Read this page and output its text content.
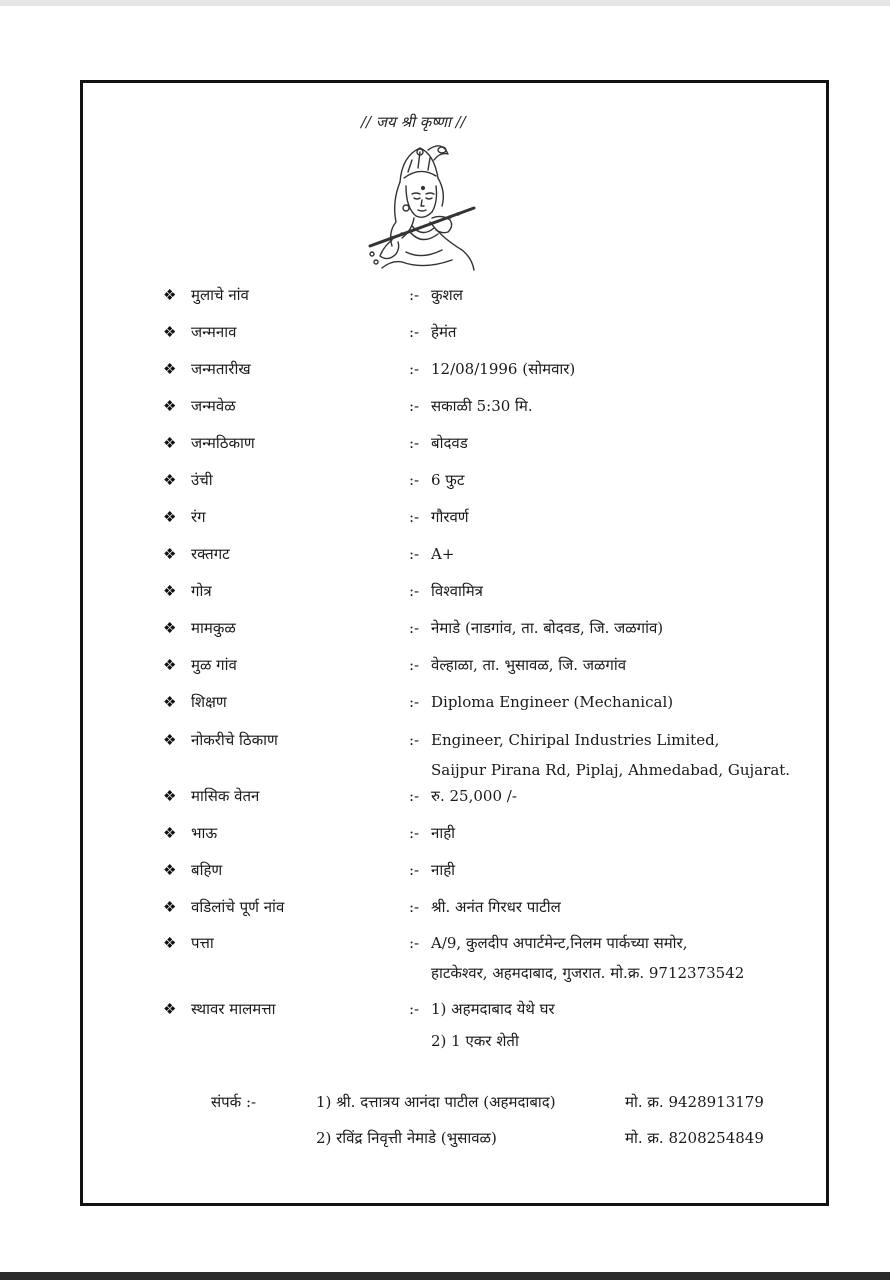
// जय श्री कृष्णा //
❖ मुलाचे नांव	:- कुशल
❖ जन्मनाव	:- हेमंत
❖ जन्मतारीख	:- 12/08/1996 (सोमवार)
❖ जन्मवेळ	:- सकाळी 5:30 मि.
❖ जन्मठिकाण	:- बोदवड
❖ उंची	:- 6 फुट
❖ रंग	:- गौरवर्ण
❖ रक्तगट	:- A+
❖ गोत्र	:- विश्वामित्र
❖ मामकुळ	:- नेमाडे (नाडगांव, ता. बोदवड, जि. जळगांव)
❖ मुळ गांव	:- वेल्हाळा, ता. भुसावळ, जि. जळगांव
❖ शिक्षण	:- Diploma Engineer (Mechanical)
❖ नोकरीचे ठिकाण	:- Engineer, Chiripal Industries Limited,
Saijpur Pirana Rd, Piplaj, Ahmedabad, Gujarat.
❖ मासिक वेतन	:- रु. 25,000 /-
❖ भाऊ	:- नाही
❖ बहिण	:- नाही
❖ वडिलांचे पूर्ण नांव	:- श्री. अनंत गिरधर पाटील
❖ पत्ता	:- A/9, कुलदीप अपार्टमेन्ट,निलम पार्कच्या समोर,
हाटकेश्वर, अहमदाबाद, गुजरात. मो.क्र. 9712373542
❖ स्थावर मालमत्ता	:- 1) अहमदाबाद येथे घर
2) 1 एकर शेती
संपर्क :-	1) श्री. दत्तात्रय आनंदा पाटील (अहमदाबाद)	मो. क्र. 9428913179
2) रविंद्र निवृत्ती नेमाडे (भुसावळ)	मो. क्र. 8208254849
